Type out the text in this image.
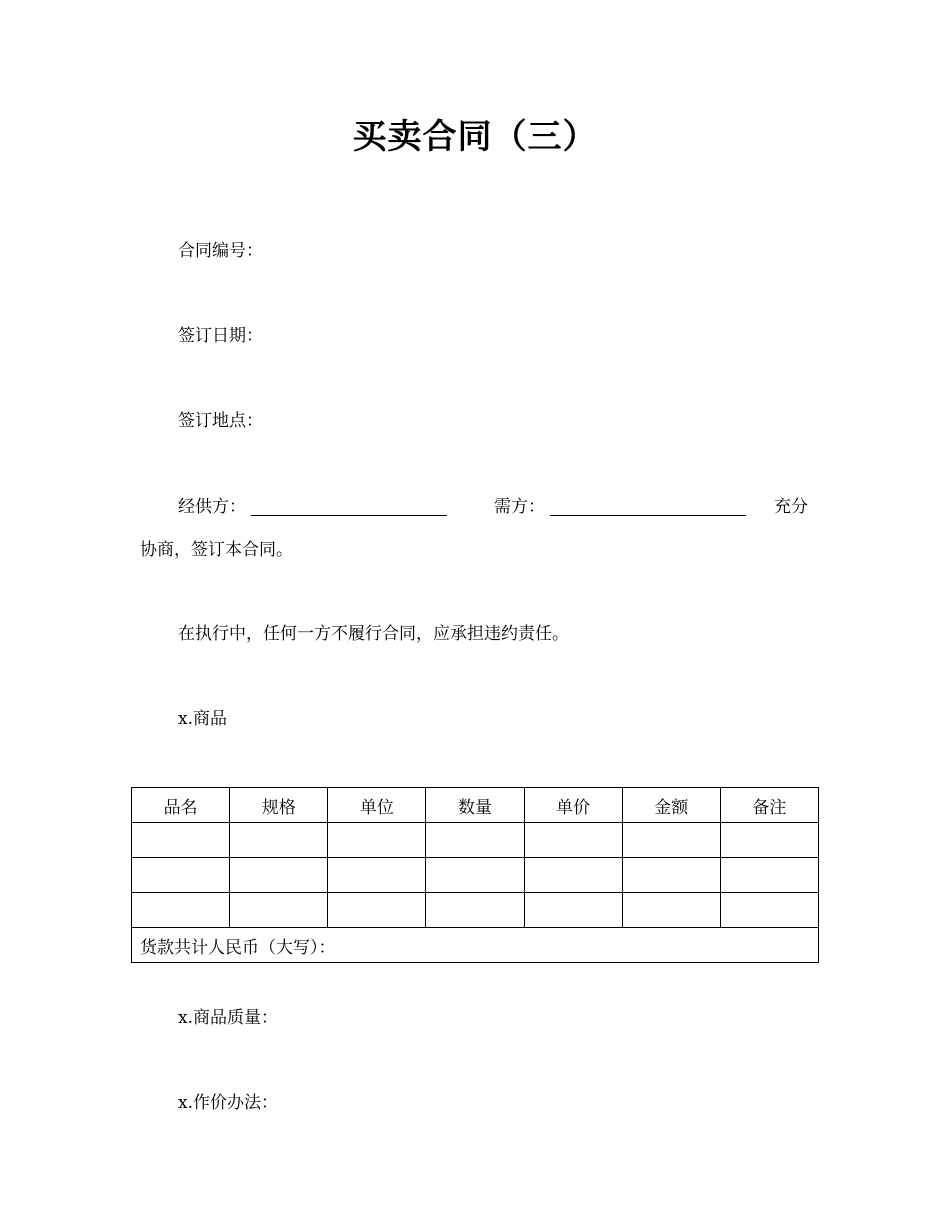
买卖合同（三）
合同编号：
签订日期：
签订地点：
经供方：	需方：	充分
协商，签订本合同。
在执行中，任何一方不履行合同，应承担违约责任。
x.商品
品名	规格	单位	数量	单价	金额	备注

货款共计人民币（大写）：						
x.商品质量：
x.作价办法：
